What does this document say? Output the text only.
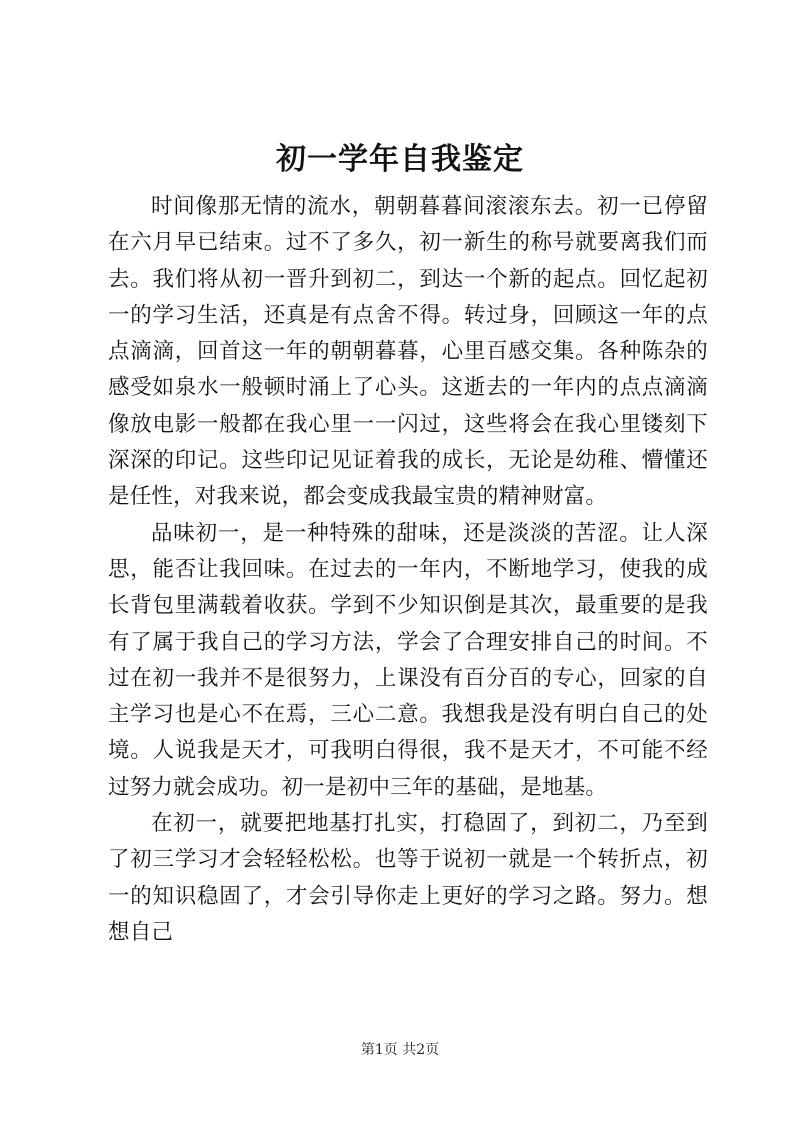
初一学年自我鉴定

时间像那无情的流水，朝朝暮暮间滚滚东去。初一已停留在六月早已结束。过不了多久，初一新生的称号就要离我们而去。我们将从初一晋升到初二，到达一个新的起点。回忆起初一的学习生活，还真是有点舍不得。转过身，回顾这一年的点点滴滴，回首这一年的朝朝暮暮，心里百感交集。各种陈杂的感受如泉水一般顿时涌上了心头。这逝去的一年内的点点滴滴像放电影一般都在我心里一一闪过，这些将会在我心里镂刻下深深的印记。这些印记见证着我的成长，无论是幼稚、懵懂还是任性，对我来说，都会变成我最宝贵的精神财富。

品味初一，是一种特殊的甜味，还是淡淡的苦涩。让人深思，能否让我回味。在过去的一年内，不断地学习，使我的成长背包里满载着收获。学到不少知识倒是其次，最重要的是我有了属于我自己的学习方法，学会了合理安排自己的时间。不过在初一我并不是很努力，上课没有百分百的专心，回家的自主学习也是心不在焉，三心二意。我想我是没有明白自己的处境。人说我是天才，可我明白得很，我不是天才，不可能不经过努力就会成功。初一是初中三年的基础，是地基。

在初一，就要把地基打扎实，打稳固了，到初二，乃至到了初三学习才会轻轻松松。也等于说初一就是一个转折点，初一的知识稳固了，才会引导你走上更好的学习之路。努力。想想自己

第1页 共2页
